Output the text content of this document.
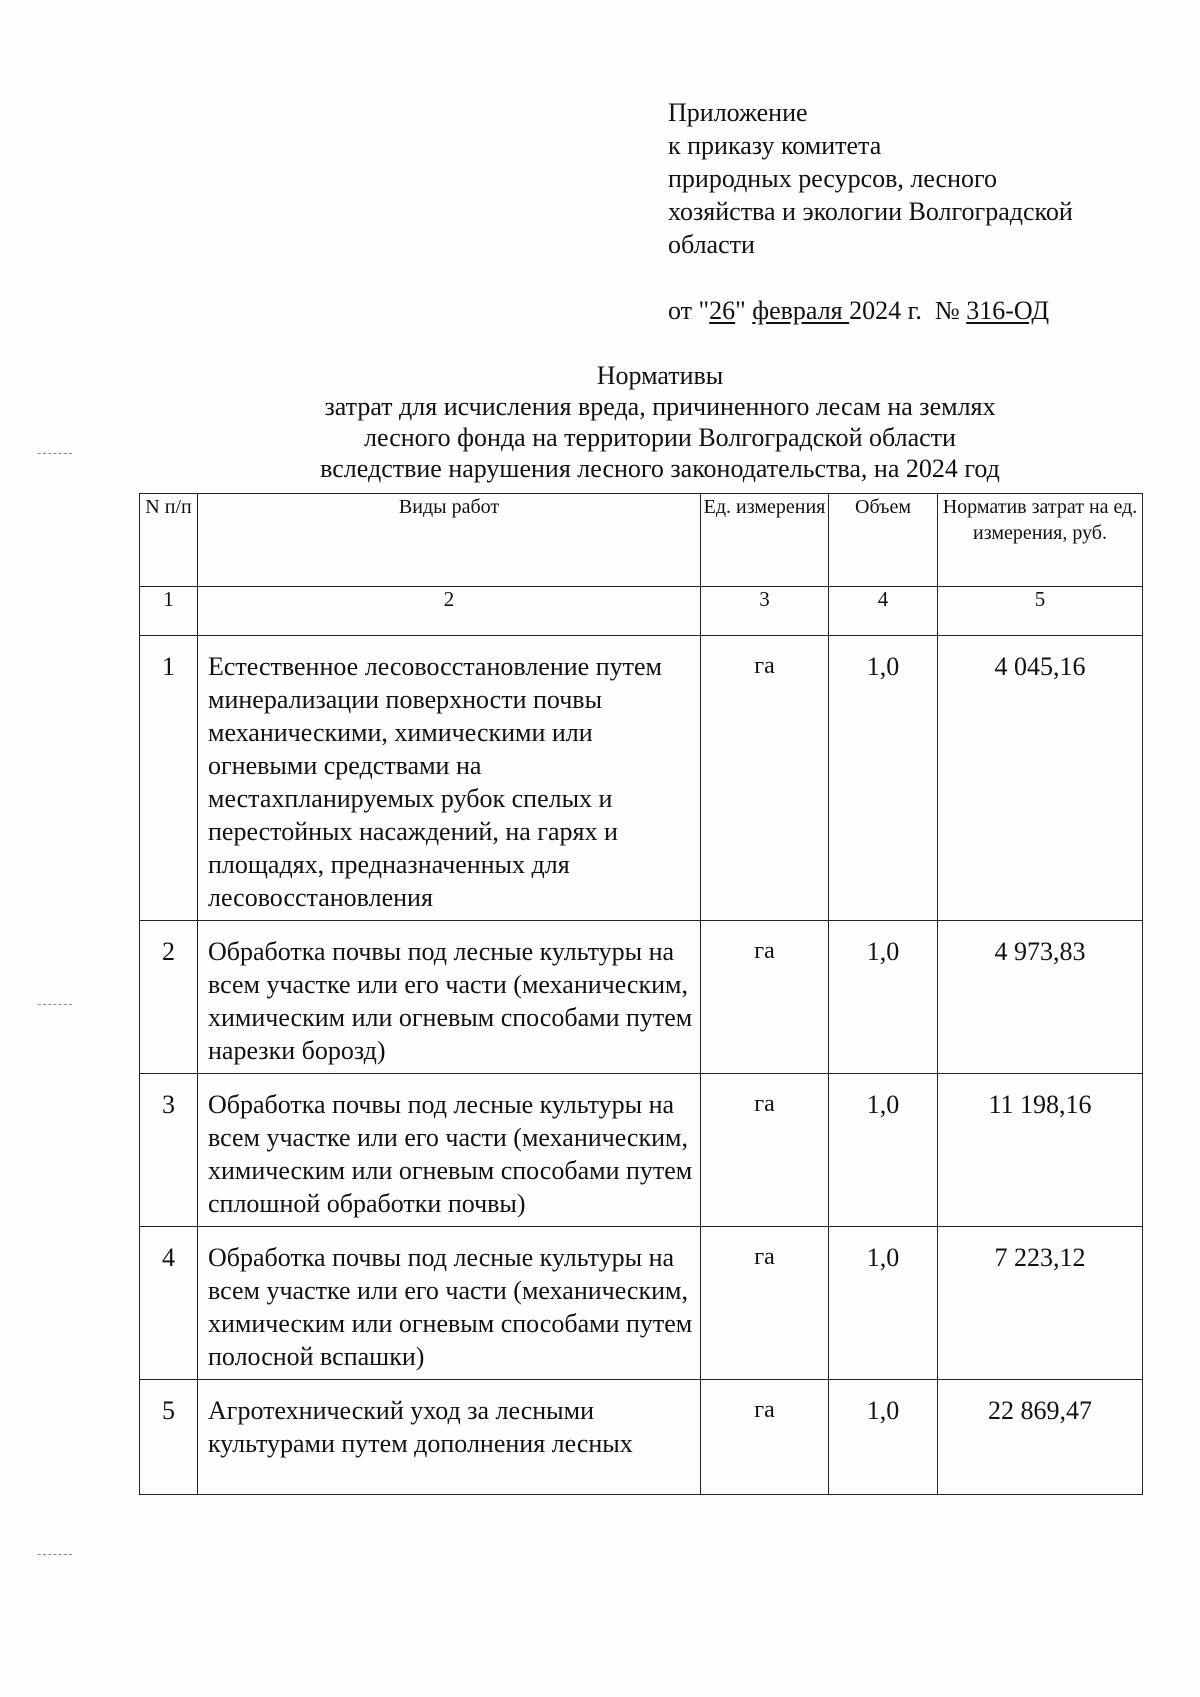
Приложение
к приказу комитета
природных ресурсов, лесного
хозяйства и экологии Волгоградской
области
от "26" февраля 2024 г.  № 316-ОД
Нормативы
затрат для исчисления вреда, причиненного лесам на землях
лесного фонда на территории Волгоградской области
вследствие нарушения лесного законодательства, на 2024 год
N п/п	Виды работ	Ед. измерения	Объем	Норматив затрат на ед. измерения, руб.
1	2	3	4	5
1	Естественное лесовосстановление путем минерализации поверхности почвы механическими, химическими или огневыми средствами на местахпланируемых рубок спелых и перестойных насаждений, на гарях и площадях, предназначенных для лесовосстановления	га	1,0	4 045,16
2	Обработка почвы под лесные культуры на всем участке или его части (механическим, химическим или огневым способами путем нарезки борозд)	га	1,0	4 973,83
3	Обработка почвы под лесные культуры на всем участке или его части (механическим, химическим или огневым способами путем сплошной обработки почвы)	га	1,0	11 198,16
4	Обработка почвы под лесные культуры на всем участке или его части (механическим, химическим или огневым способами путем полосной вспашки)	га	1,0	7 223,12
5	Агротехнический уход за лесными культурами путем дополнения лесных	га	1,0	22 869,47
